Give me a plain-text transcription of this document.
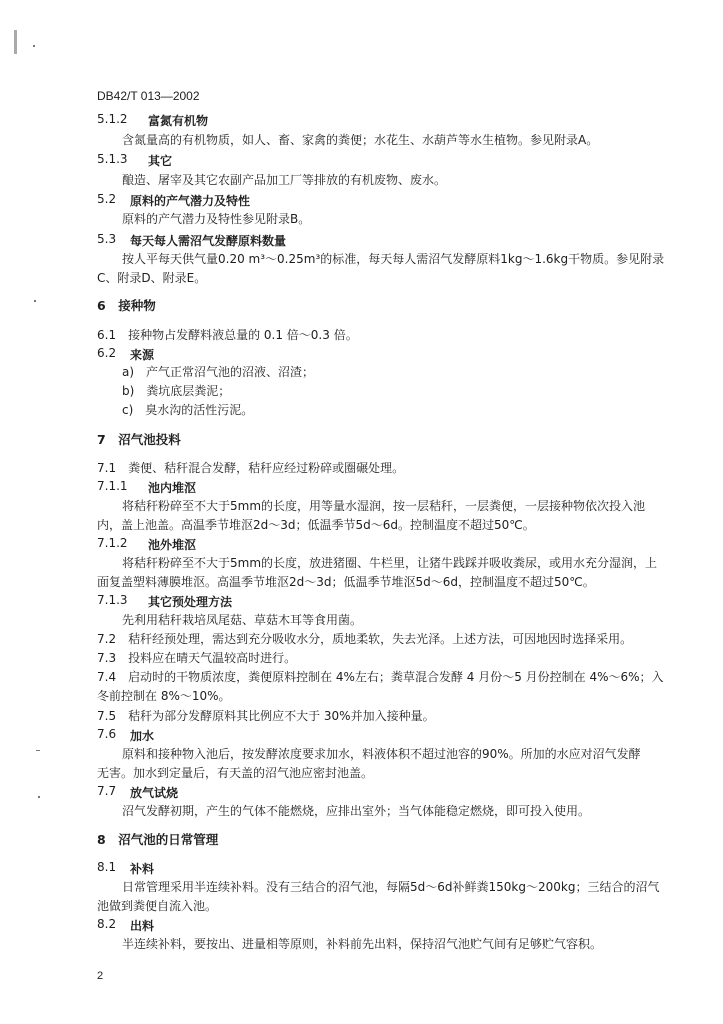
DB42/T 013—2002
5.1.2 富氮有机物
含氮量高的有机物质，如人、畜、家禽的粪便；水花生、水葫芦等水生植物。参见附录A。
5.1.3 其它
酿造、屠宰及其它农副产品加工厂等排放的有机废物、废水。
5.2 原料的产气潜力及特性
原料的产气潜力及特性参见附录B。
5.3 每天每人需沼气发酵原料数量
按人平每天供气量0.20 m³～0.25m³的标准，每天每人需沼气发酵原料1kg～1.6kg干物质。参见附录
C、附录D、附录E。
6　接种物
6.1　接种物占发酵料液总量的 0.1 倍～0.3 倍。
6.2 来源
a)　产气正常沼气池的沼液、沼渣；
b)　粪坑底层粪泥；
c)　臭水沟的活性污泥。
7　沼气池投料
7.1　粪便、秸秆混合发酵，秸秆应经过粉碎或圈碾处理。
7.1.1 池内堆沤
将秸秆粉碎至不大于5mm的长度，用等量水湿润，按一层秸秆，一层粪便，一层接种物依次投入池
内，盖上池盖。高温季节堆沤2d～3d；低温季节5d～6d。控制温度不超过50℃。
7.1.2 池外堆沤
将秸秆粉碎至不大于5mm的长度，放进猪圈、牛栏里，让猪牛践踩并吸收粪尿，或用水充分湿润，上
面复盖塑料薄膜堆沤。高温季节堆沤2d～3d；低温季节堆沤5d～6d，控制温度不超过50℃。
7.1.3 其它预处理方法
先利用秸秆栽培凤尾菇、草菇木耳等食用菌。
7.2　秸秆经预处理，需达到充分吸收水分，质地柔软，失去光泽。上述方法，可因地因时选择采用。
7.3　投料应在晴天气温较高时进行。
7.4　启动时的干物质浓度，粪便原料控制在 4%左右；粪草混合发酵 4 月份～5 月份控制在 4%～6%；入
冬前控制在 8%～10%。
7.5　秸秆为部分发酵原料其比例应不大于 30%并加入接种量。
7.6 加水
原料和接种物入池后，按发酵浓度要求加水，料液体积不超过池容的90%。所加的水应对沼气发酵
无害。加水到定量后，有天盖的沼气池应密封池盖。
7.7 放气试烧
沼气发酵初期，产生的气体不能燃烧，应排出室外；当气体能稳定燃烧，即可投入使用。
8　沼气池的日常管理
8.1 补料
日常管理采用半连续补料。没有三结合的沼气池，每隔5d～6d补鲜粪150kg～200kg；三结合的沼气
池做到粪便自流入池。
8.2 出料
半连续补料，要按出、进量相等原则，补料前先出料，保持沼气池贮气间有足够贮气容积。
2
